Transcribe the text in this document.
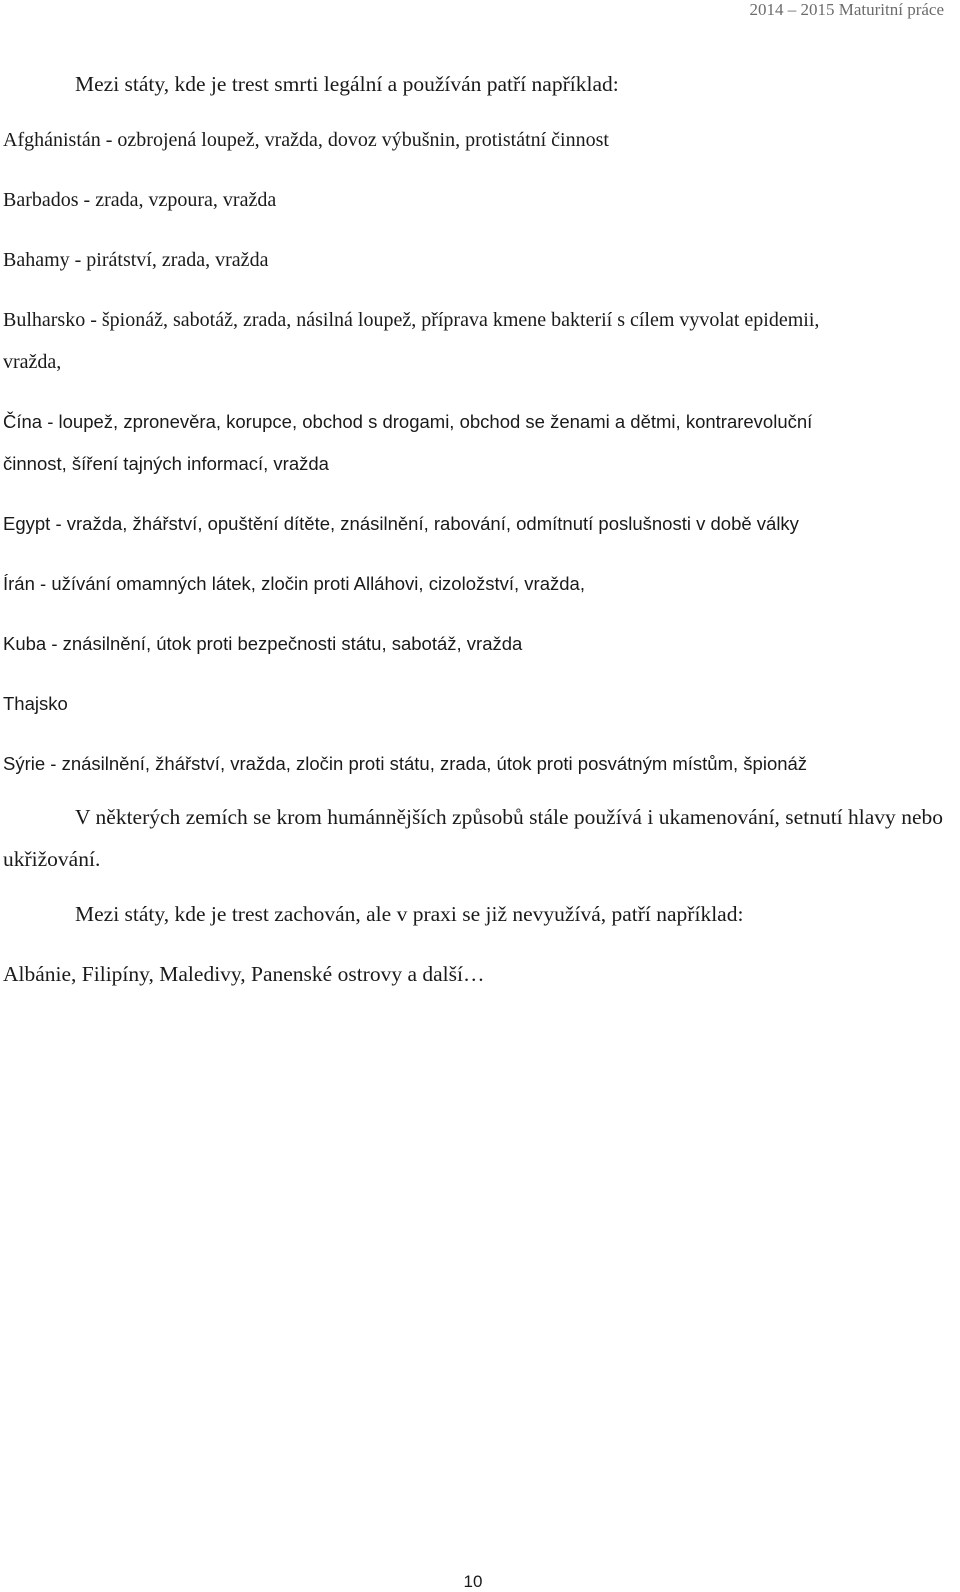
2014 – 2015 Maturitní práce

Mezi státy, kde je trest smrti legální a používán patří například:

Afghánistán - ozbrojená loupež, vražda, dovoz výbušnin, protistátní činnost

Barbados - zrada, vzpoura, vražda

Bahamy - pirátství, zrada, vražda

Bulharsko - špionáž, sabotáž, zrada, násilná loupež, příprava kmene bakterií s cílem vyvolat epidemii,

vražda,

Čína - loupež, zpronevěra, korupce, obchod s drogami, obchod se ženami a dětmi, kontrarevoluční

činnost, šíření tajných informací, vražda

Egypt - vražda, žhářství, opuštění dítěte, znásilnění, rabování, odmítnutí poslušnosti v době války

Írán - užívání omamných látek, zločin proti Alláhovi, cizoložství, vražda,

Kuba - znásilnění, útok proti bezpečnosti státu, sabotáž, vražda

Thajsko

Sýrie - znásilnění, žhářství, vražda, zločin proti státu, zrada, útok proti posvátným místům, špionáž

V některých zemích se krom humánnějších způsobů stále používá i ukamenování, setnutí hlavy nebo ukřižování.

Mezi státy, kde je trest zachován, ale v praxi se již nevyužívá, patří například:

Albánie, Filipíny, Maledivy, Panenské ostrovy a další…

10
